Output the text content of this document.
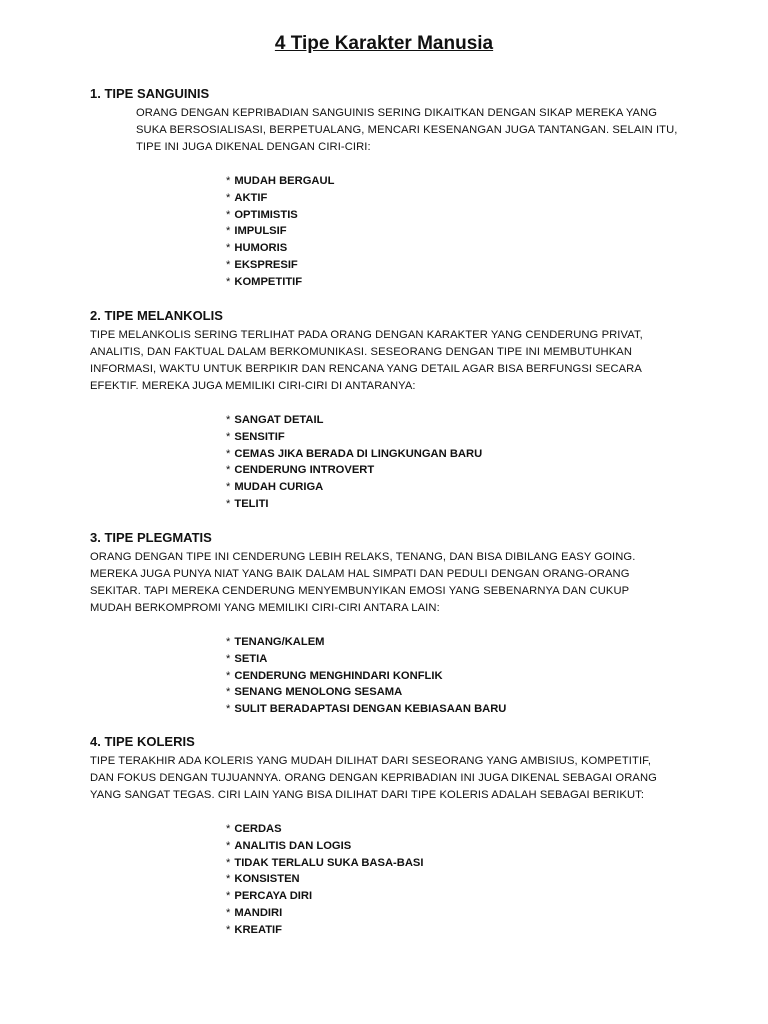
4 Tipe Karakter Manusia
1. TIPE SANGUINIS
ORANG DENGAN KEPRIBADIAN SANGUINIS SERING DIKAITKAN DENGAN SIKAP MEREKA YANG
SUKA BERSOSIALISASI, BERPETUALANG, MENCARI KESENANGAN JUGA TANTANGAN. SELAIN ITU,
TIPE INI JUGA DIKENAL DENGAN CIRI-CIRI:
* MUDAH BERGAUL
* AKTIF
* OPTIMISTIS
* IMPULSIF
* HUMORIS
* EKSPRESIF
* KOMPETITIF
2. TIPE MELANKOLIS
TIPE MELANKOLIS SERING TERLIHAT PADA ORANG DENGAN KARAKTER YANG CENDERUNG PRIVAT,
ANALITIS, DAN FAKTUAL DALAM BERKOMUNIKASI. SESEORANG DENGAN TIPE INI MEMBUTUHKAN
INFORMASI, WAKTU UNTUK BERPIKIR DAN RENCANA YANG DETAIL AGAR BISA BERFUNGSI SECARA
EFEKTIF. MEREKA JUGA MEMILIKI CIRI-CIRI DI ANTARANYA:
* SANGAT DETAIL
* SENSITIF
* CEMAS JIKA BERADA DI LINGKUNGAN BARU
* CENDERUNG INTROVERT
* MUDAH CURIGA
* TELITI
3. TIPE PLEGMATIS
ORANG DENGAN TIPE INI CENDERUNG LEBIH RELAKS, TENANG, DAN BISA DIBILANG EASY GOING.
MEREKA JUGA PUNYA NIAT YANG BAIK DALAM HAL SIMPATI DAN PEDULI DENGAN ORANG-ORANG
SEKITAR. TAPI MEREKA CENDERUNG MENYEMBUNYIKAN EMOSI YANG SEBENARNYA DAN CUKUP
MUDAH BERKOMPROMI YANG MEMILIKI CIRI-CIRI ANTARA LAIN:
* TENANG/KALEM
* SETIA
* CENDERUNG MENGHINDARI KONFLIK
* SENANG MENOLONG SESAMA
* SULIT BERADAPTASI DENGAN KEBIASAAN BARU
4. TIPE KOLERIS
TIPE TERAKHIR ADA KOLERIS YANG MUDAH DILIHAT DARI SESEORANG YANG AMBISIUS, KOMPETITIF,
DAN FOKUS DENGAN TUJUANNYA. ORANG DENGAN KEPRIBADIAN INI JUGA DIKENAL SEBAGAI ORANG
YANG SANGAT TEGAS. CIRI LAIN YANG BISA DILIHAT DARI TIPE KOLERIS ADALAH SEBAGAI BERIKUT:
* CERDAS
* ANALITIS DAN LOGIS
* TIDAK TERLALU SUKA BASA-BASI
* KONSISTEN
* PERCAYA DIRI
* MANDIRI
* KREATIF
